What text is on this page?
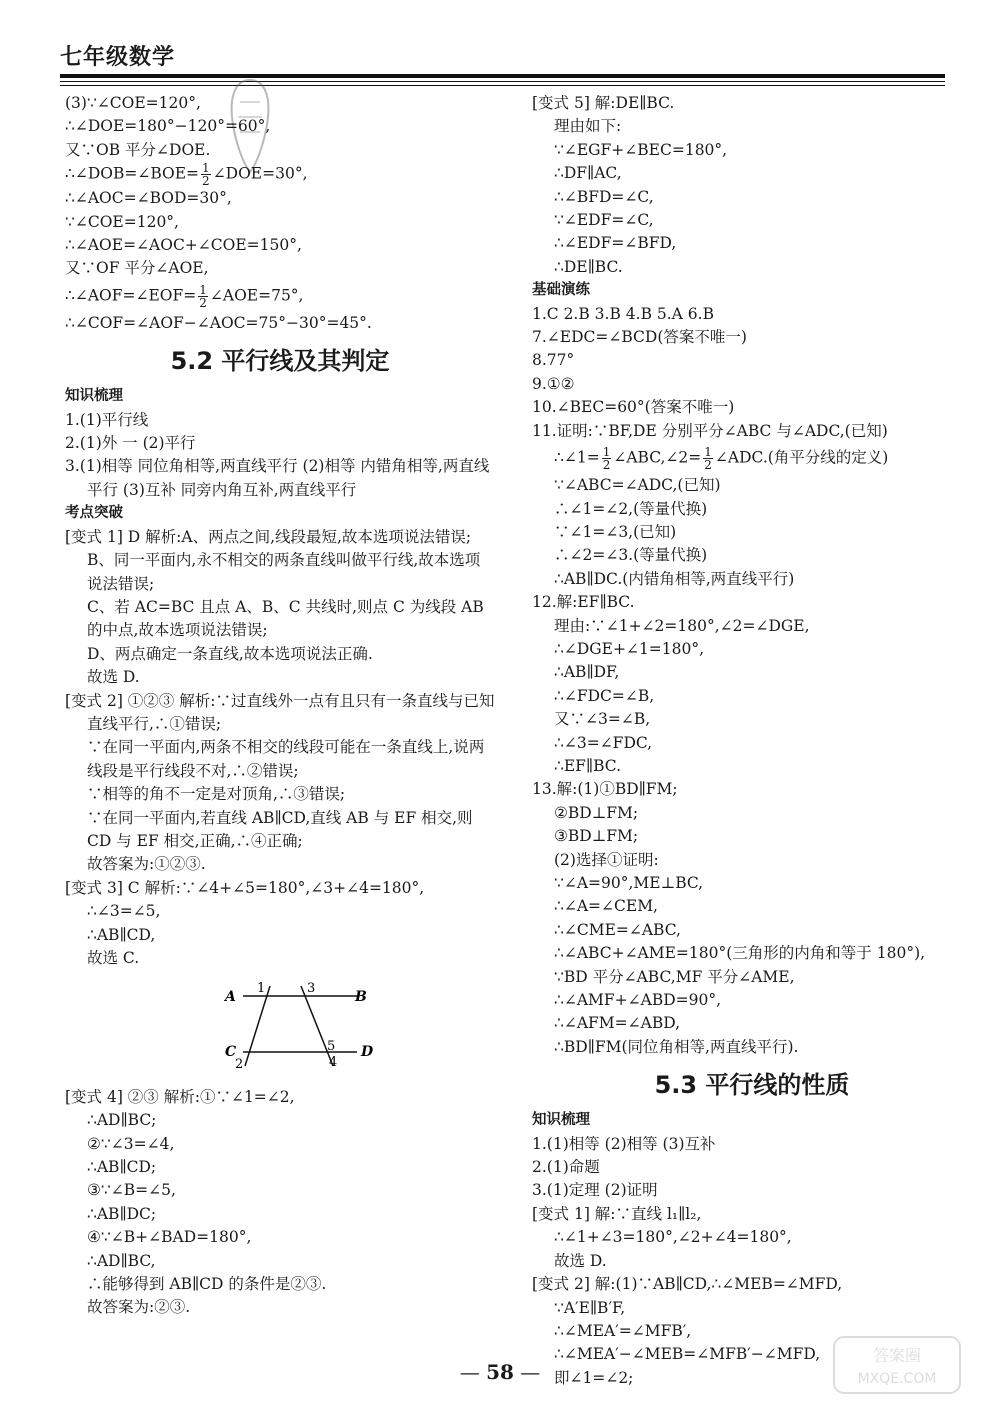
七年级数学
(3)∵∠COE=120°,
∴∠DOE=180°−120°=60°,
又∵OB 平分∠DOE.
∴∠DOB=∠BOE= $\frac{1}{2}$ ∠DOE=30°,
∴∠AOC=∠BOD=30°,
∵∠COE=120°,
∴∠AOE=∠AOC+∠COE=150°,
又∵OF 平分∠AOE,
∴∠AOF=∠EOF= $\frac{1}{2}$ ∠AOE=75°,
∴∠COF=∠AOF−∠AOC=75°−30°=45°.
5.2 平行线及其判定
知识梳理
1.(1)平行线
2.(1)外 一 (2)平行
3.(1)相等 同位角相等,两直线平行 (2)相等 内错角相等,两直线平行 (3)互补 同旁内角互补,两直线平行
考点突破
[变式 1] D 解析:A、两点之间,线段最短,故本选项说法错误;
B、同一平面内,永不相交的两条直线叫做平行线,故本选项说法错误;
C、若 AC=BC 且点 A、B、C 共线时,则点 C 为线段 AB 的中点,故本选项说法错误;
D、两点确定一条直线,故本选项说法正确.
故选 D.
[变式 2] ①②③ 解析:∵过直线外一点有且只有一条直线与已知直线平行,∴①错误;
∵在同一平面内,两条不相交的线段可能在一条直线上,说两线段是平行线段不对,∴②错误;
∵相等的角不一定是对顶角,∴③错误;
∵在同一平面内,若直线 AB∥CD,直线 AB 与 EF 相交,则 CD 与 EF 相交,正确,∴④正确;
故答案为:①②③.
[变式 3] C 解析:∵∠4+∠5=180°,∠3+∠4=180°,
∴∠3=∠5,
∴AB∥CD,
故选 C.
A	B
C	D
1	3
2
5
4
[变式 4] ②③ 解析:①∵∠1=∠2,
∴AD∥BC;
②∵∠3=∠4,
∴AB∥CD;
③∵∠B=∠5,
∴AB∥DC;
④∵∠B+∠BAD=180°,
∴AD∥BC,
∴能够得到 AB∥CD 的条件是②③.
故答案为:②③.
[变式 5] 解:DE∥BC.
理由如下:
∵∠EGF+∠BEC=180°,
∴DF∥AC,
∴∠BFD=∠C,
∵∠EDF=∠C,
∴∠EDF=∠BFD,
∴DE∥BC.
基础演练
1.C 2.B 3.B 4.B 5.A 6.B
7.∠EDC=∠BCD(答案不唯一)
8.77°
9.①②
10.∠BEC=60°(答案不唯一)
11.证明:∵BF,DE 分别平分∠ABC 与∠ADC,(已知)
∴∠1= $\frac{1}{2}$ ∠ABC,∠2= $\frac{1}{2}$ ∠ADC.(角平分线的定义)
∵∠ABC=∠ADC,(已知)
∴∠1=∠2,(等量代换)
∵∠1=∠3,(已知)
∴∠2=∠3.(等量代换)
∴AB∥DC.(内错角相等,两直线平行)
12.解:EF∥BC.
理由:∵∠1+∠2=180°,∠2=∠DGE,
∴∠DGE+∠1=180°,
∴AB∥DF,
∴∠FDC=∠B,
又∵∠3=∠B,
∴∠3=∠FDC,
∴EF∥BC.
13.解:(1)①BD∥FM;
②BD⊥FM;
③BD⊥FM;
(2)选择①证明:
∵∠A=90°,ME⊥BC,
∴∠A=∠CEM,
∴∠CME=∠ABC,
∴∠ABC+∠AME=180°(三角形的内角和等于 180°),
∵BD 平分∠ABC,MF 平分∠AME,
∴∠AMF+∠ABD=90°,
∴∠AFM=∠ABD,
∴BD∥FM(同位角相等,两直线平行).
5.3 平行线的性质
知识梳理
1.(1)相等 (2)相等 (3)互补
2.(1)命题
3.(1)定理 (2)证明
[变式 1] 解:∵直线 l₁∥l₂,
∴∠1+∠3=180°,∠2+∠4=180°,
故选 D.
[变式 2] 解:(1)∵AB∥CD,∴∠MEB=∠MFD,
∵A′E∥B′F,
∴∠MEA′=∠MFB′,
∴∠MEA′−∠MEB=∠MFB′−∠MFD,
即∠1=∠2;
— 58 —
答案圈
MXQE.COM
